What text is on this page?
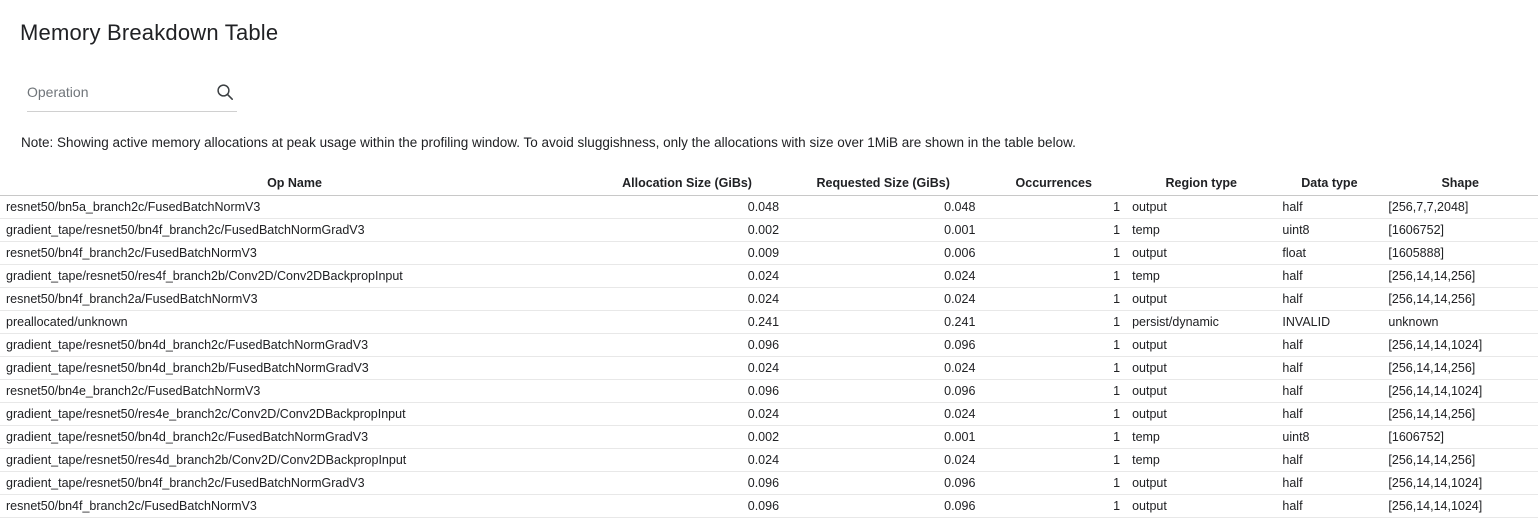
Memory Breakdown Table
Operation
Note: Showing active memory allocations at peak usage within the profiling window. To avoid sluggishness, only the allocations with size over 1MiB are shown in the table below.
Op Name	Allocation Size (GiBs)	Requested Size (GiBs)	Occurrences	Region type	Data type	Shape
resnet50/bn5a_branch2c/FusedBatchNormV3	0.048	0.048	1	output	half	[256,7,7,2048]
gradient_tape/resnet50/bn4f_branch2c/FusedBatchNormGradV3	0.002	0.001	1	temp	uint8	[1606752]
resnet50/bn4f_branch2c/FusedBatchNormV3	0.009	0.006	1	output	float	[1605888]
gradient_tape/resnet50/res4f_branch2b/Conv2D/Conv2DBackpropInput	0.024	0.024	1	temp	half	[256,14,14,256]
resnet50/bn4f_branch2a/FusedBatchNormV3	0.024	0.024	1	output	half	[256,14,14,256]
preallocated/unknown	0.241	0.241	1	persist/dynamic	INVALID	unknown
gradient_tape/resnet50/bn4d_branch2c/FusedBatchNormGradV3	0.096	0.096	1	output	half	[256,14,14,1024]
gradient_tape/resnet50/bn4d_branch2b/FusedBatchNormGradV3	0.024	0.024	1	output	half	[256,14,14,256]
resnet50/bn4e_branch2c/FusedBatchNormV3	0.096	0.096	1	output	half	[256,14,14,1024]
gradient_tape/resnet50/res4e_branch2c/Conv2D/Conv2DBackpropInput	0.024	0.024	1	output	half	[256,14,14,256]
gradient_tape/resnet50/bn4d_branch2c/FusedBatchNormGradV3	0.002	0.001	1	temp	uint8	[1606752]
gradient_tape/resnet50/res4d_branch2b/Conv2D/Conv2DBackpropInput	0.024	0.024	1	temp	half	[256,14,14,256]
gradient_tape/resnet50/bn4f_branch2c/FusedBatchNormGradV3	0.096	0.096	1	output	half	[256,14,14,1024]
resnet50/bn4f_branch2c/FusedBatchNormV3	0.096	0.096	1	output	half	[256,14,14,1024]
